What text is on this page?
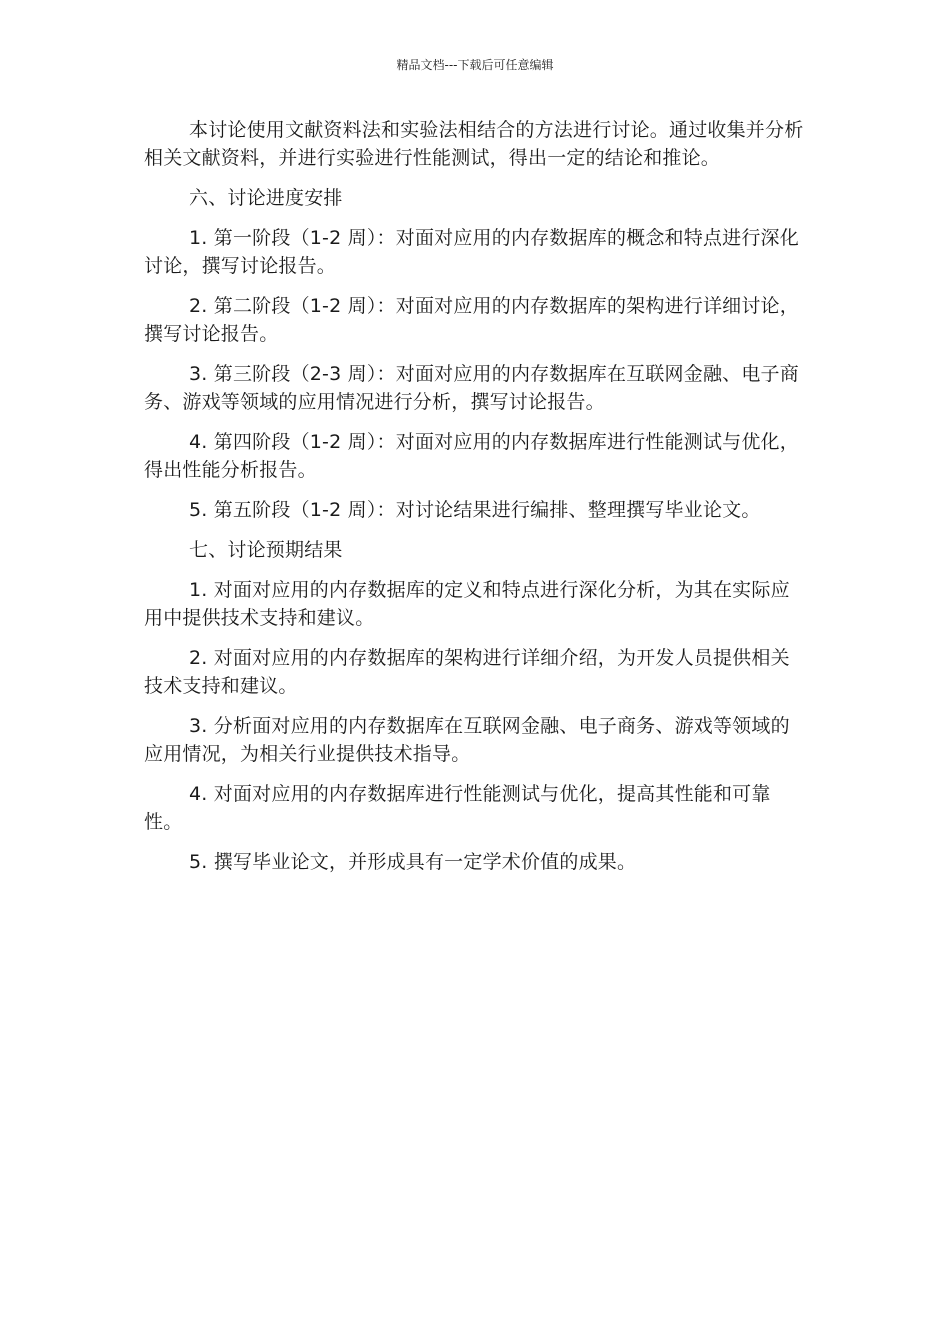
精品文档---下载后可任意编辑

本讨论使用文献资料法和实验法相结合的方法进行讨论。通过收集并分析相关文献资料，并进行实验进行性能测试，得出一定的结论和推论。

六、讨论进度安排

1. 第一阶段（1-2 周）：对面对应用的内存数据库的概念和特点进行深化讨论，撰写讨论报告。

2. 第二阶段（1-2 周）：对面对应用的内存数据库的架构进行详细讨论，撰写讨论报告。

3. 第三阶段（2-3 周）：对面对应用的内存数据库在互联网金融、电子商务、游戏等领域的应用情况进行分析，撰写讨论报告。

4. 第四阶段（1-2 周）：对面对应用的内存数据库进行性能测试与优化，得出性能分析报告。

5. 第五阶段（1-2 周）：对讨论结果进行编排、整理撰写毕业论文。

七、讨论预期结果

1. 对面对应用的内存数据库的定义和特点进行深化分析，为其在实际应用中提供技术支持和建议。

2. 对面对应用的内存数据库的架构进行详细介绍，为开发人员提供相关技术支持和建议。

3. 分析面对应用的内存数据库在互联网金融、电子商务、游戏等领域的应用情况，为相关行业提供技术指导。

4. 对面对应用的内存数据库进行性能测试与优化，提高其性能和可靠性。

5. 撰写毕业论文，并形成具有一定学术价值的成果。
